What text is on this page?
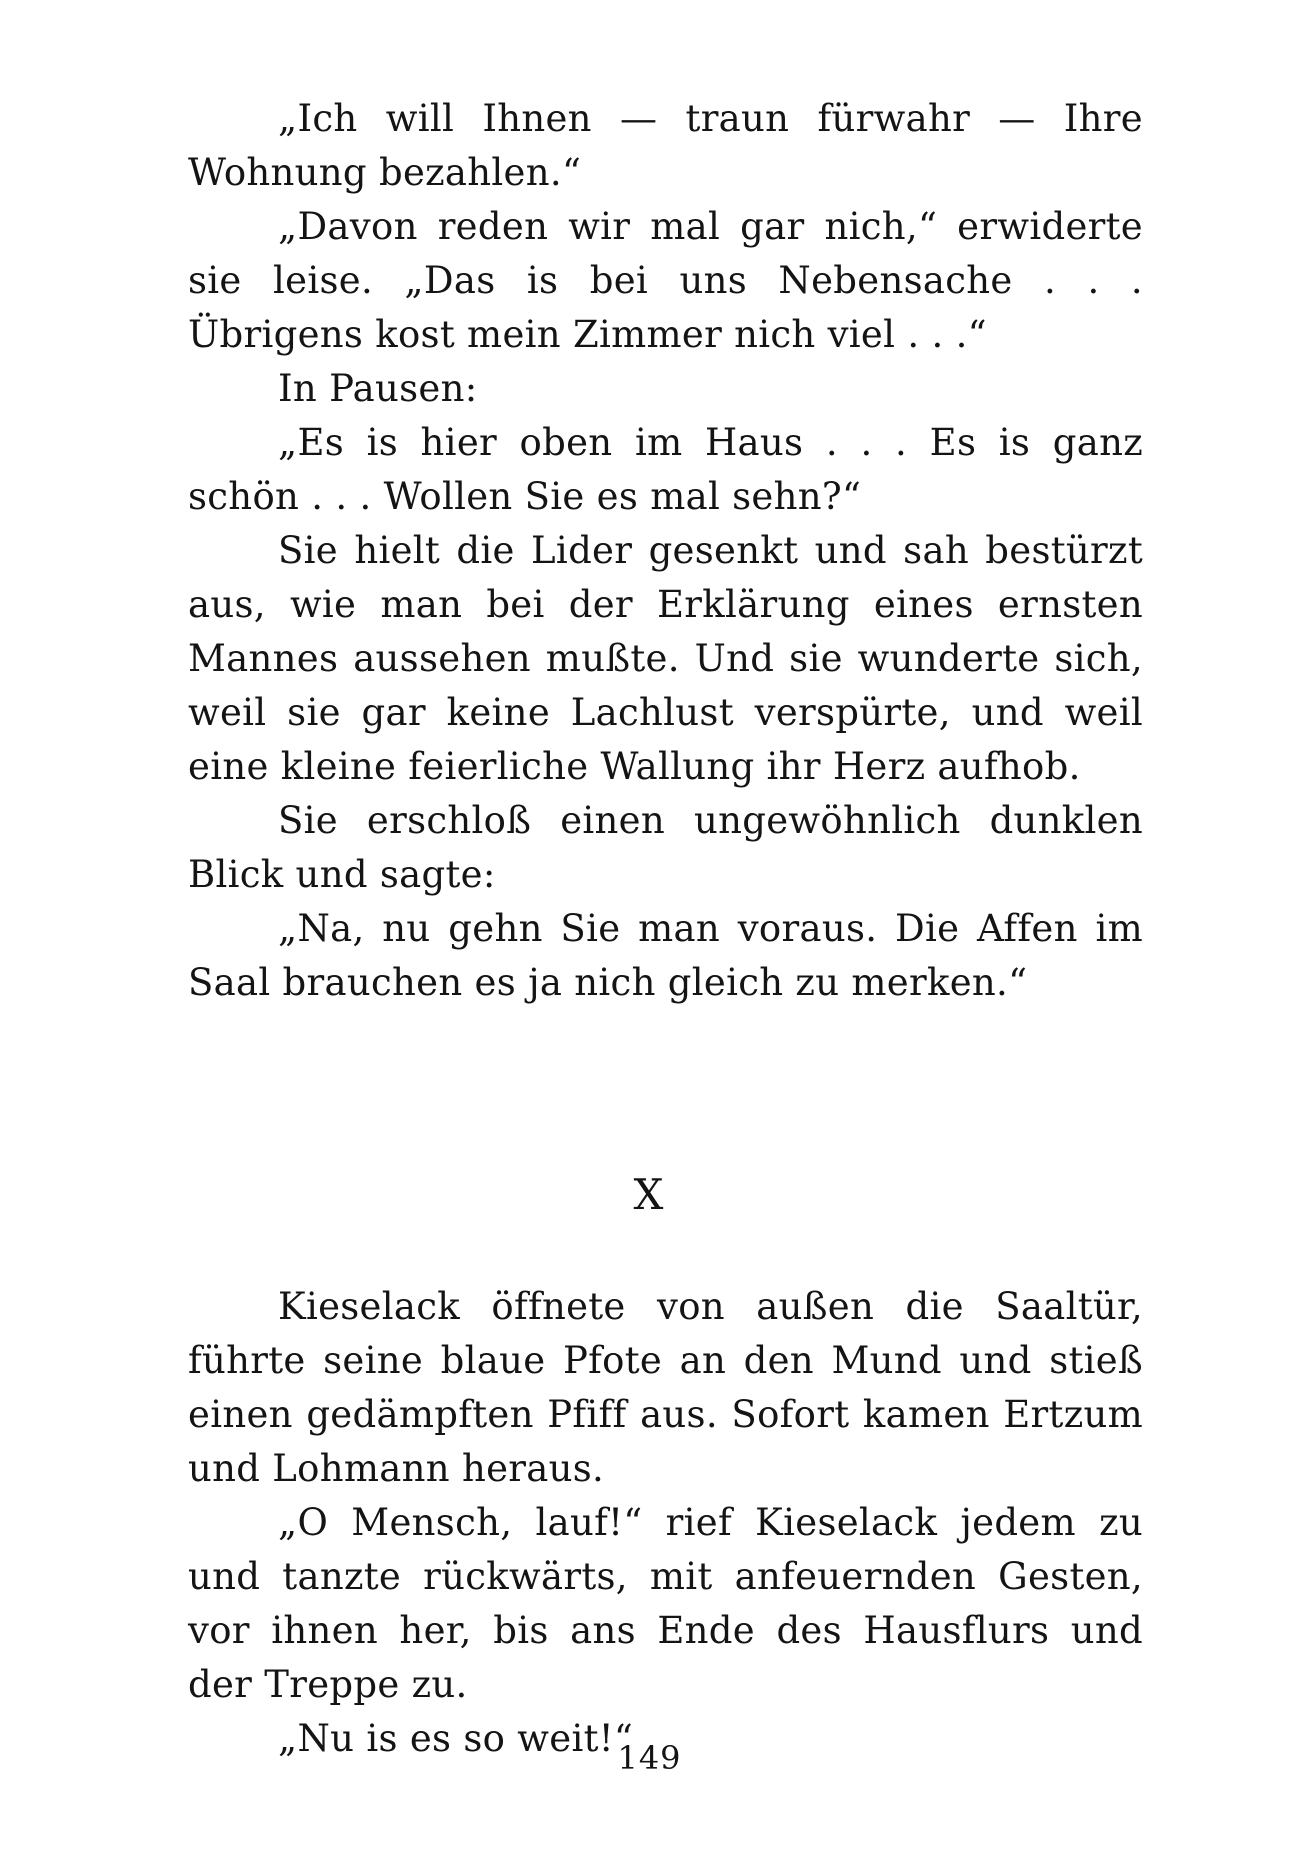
„Ich will Ihnen — traun fürwahr — Ihre Wohnung bezahlen.“

„Davon reden wir mal gar nich,“ erwiderte sie leise. „Das is bei uns Nebensache . . . Übrigens kost mein Zimmer nich viel . . .“

In Pausen:

„Es is hier oben im Haus . . . Es is ganz schön . . . Wollen Sie es mal sehn?“

Sie hielt die Lider gesenkt und sah bestürzt aus, wie man bei der Erklärung eines ernsten Mannes aussehen mußte. Und sie wunderte sich, weil sie gar keine Lachlust verspürte, und weil eine kleine feierliche Wallung ihr Herz aufhob.

Sie erschloß einen ungewöhnlich dunklen Blick und sagte:

„Na, nu gehn Sie man voraus. Die Affen im Saal brauchen es ja nich gleich zu merken.“

X

Kieselack öffnete von außen die Saaltür, führte seine blaue Pfote an den Mund und stieß einen gedämpften Pfiff aus. Sofort kamen Ertzum und Lohmann heraus.

„O Mensch, lauf!“ rief Kieselack jedem zu und tanzte rückwärts, mit anfeuernden Gesten, vor ihnen her, bis ans Ende des Hausflurs und der Treppe zu.

„Nu is es so weit!“

149
